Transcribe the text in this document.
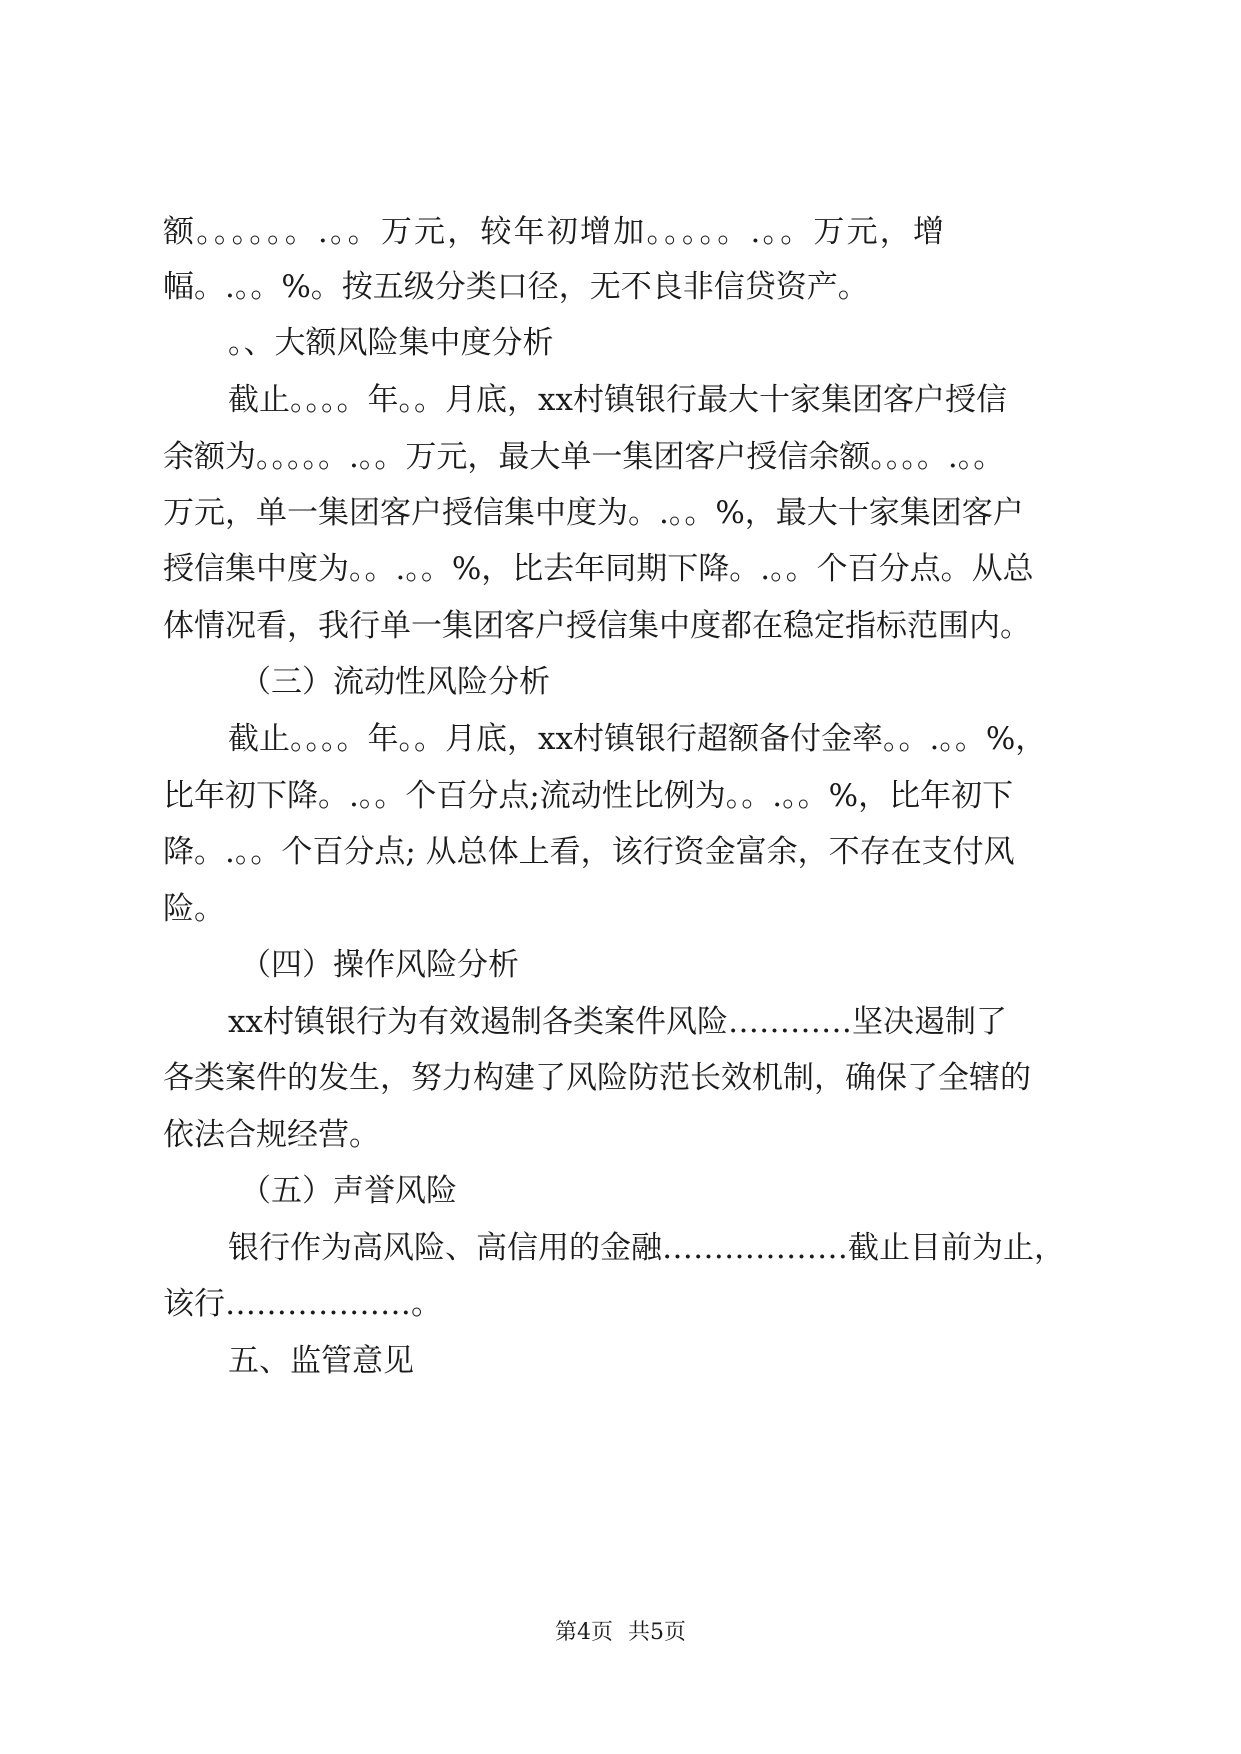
额。。。。。。.。。万元，较年初增加。。。。。.。。万元，增
幅。.。。%。按五级分类口径，无不良非信贷资产。
。、大额风险集中度分析
截止。。。。年。。月底，xx村镇银行最大十家集团客户授信
余额为。。。。。.。。万元，最大单一集团客户授信余额。。。。.。。
万元，单一集团客户授信集中度为。.。。%，最大十家集团客户
授信集中度为。。.。。%，比去年同期下降。.。。个百分点。从总
体情况看，我行单一集团客户授信集中度都在稳定指标范围内。
（三）流动性风险分析
截止。。。。年。。月底，xx村镇银行超额备付金率。。.。。%，
比年初下降。.。。个百分点;流动性比例为。。.。。%，比年初下
降。.。。个百分点; 从总体上看，该行资金富余，不存在支付风
险。
（四）操作风险分析
xx村镇银行为有效遏制各类案件风险…………坚决遏制了
各类案件的发生，努力构建了风险防范长效机制，确保了全辖的
依法合规经营。
（五）声誉风险
银行作为高风险、高信用的金融………………截止目前为止，
该行………………。
五、监管意见
第4页 共5页
